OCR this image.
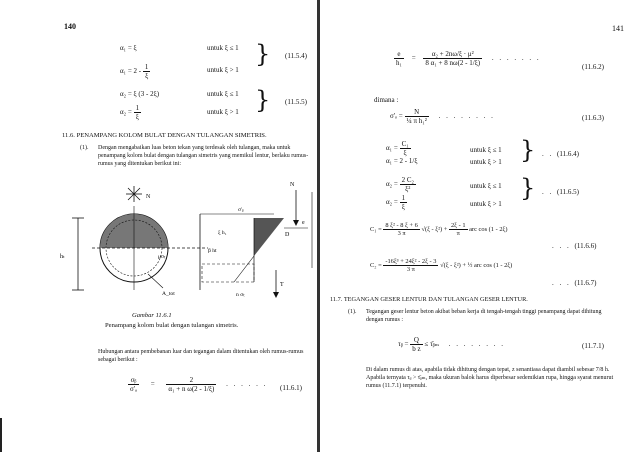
140
α₁ = ξ	untuk ξ ≤ 1
$\alpha_1 = 2 - \frac{1}{\xi}$	untuk ξ > 1
} (11.5.4)
α₂ = ξ (3 - 2ξ)	untuk ξ ≤ 1
$\alpha_2 = \frac{1}{\xi}$	untuk ξ > 1 } (11.5.5)
11.6. PENAMPANG KOLOM BULAT DENGAN TULANGAN SIMETRIS.
(1). Dengan mengabaikan luas beton tekan yang terdesak oleh tulangan, maka untuk penampang kolom bulat dengan tulangan simetris yang memikul lentur, berlaku rumus-rumus yang ditentukan berikut ini:
N
hₜ	μσₜ
A_tot
σ'ᵦ
β ht
ξ h₁
n σₜ
N
D
e
T
Gambar 11.6.1
Penampang kolom bulat dengan tulangan simetris.
Hubungan antara pembebanan luar dan tegangan dalam ditentukan oleh rumus-rumus sebagai berikut :
$\frac{\text{σᵦ}}{\text{σ'ₐ}} = \frac{2}{\text{α₁ + n ω(2 - 1/ξ)}}$ . . . . . . (11.6.1)
141
$\frac{e}{\text{h₁}} = \frac{\text{α₂ + 2nω/ξ · μ²}}{\text{8 α₁ + 8 nω(2 - 1/ξ)}}$ . . . . . . .
(11.6.2)
dimana :
$\sigma'_o = \frac{N}{\text{¼ π h₁²}}$ . . . . . . . .	(11.6.3)
$\alpha_1 = \frac{\text{C₁}}{\xi}$	untuk ξ ≤ 1
α₁ = 2 - 1/ξ	untuk ξ > 1 } . . (11.6.4)
$\alpha_2 = \frac{\text{2 C₂}}{\text{ξ²}}$	untuk ξ ≤ 1
$\alpha_2 = \frac{1}{\xi}$	untuk ξ > 1
} . . (11.6.5)
$C_1 = \frac{\text{8 ξ² - 8 ξ + 6}}{3 \pi} √(\xi - \xi^2) + \frac{2\xi - 1}{\pi}$ arc cos (1 - 2ξ)
. . . (11.6.6)
$C_2 = \frac{\text{-16ξ³ + 24ξ² - 2ξ - 3}}{3 \pi} √(\xi - \xi^2)$ + ½ arc cos (1 - 2ξ)
. . . (11.6.7)
11.7. TEGANGAN GESER LENTUR DAN TULANGAN GESER LENTUR.
(1). Tegangan geser lentur beton akibat beban kerja di tengah-tengah tinggi penampang dapat dihitung dengan rumus :
τᵦ = $\frac{Q}{\text{b z}}$ ≤ τ̄ᵦₘ . . . . . . . .	(11.7.1)
Di dalam rumus di atas, apabila tidak dihitung dengan tepat, z senantiasa dapat diambil sebesar 7/8 h. Apabila ternyata τᵦ > τ̄ᵦₘ, maka ukuran balok harus diperbesar sedemikian rupa, hingga syarat menurut rumus (11.7.1) terpenuhi.
